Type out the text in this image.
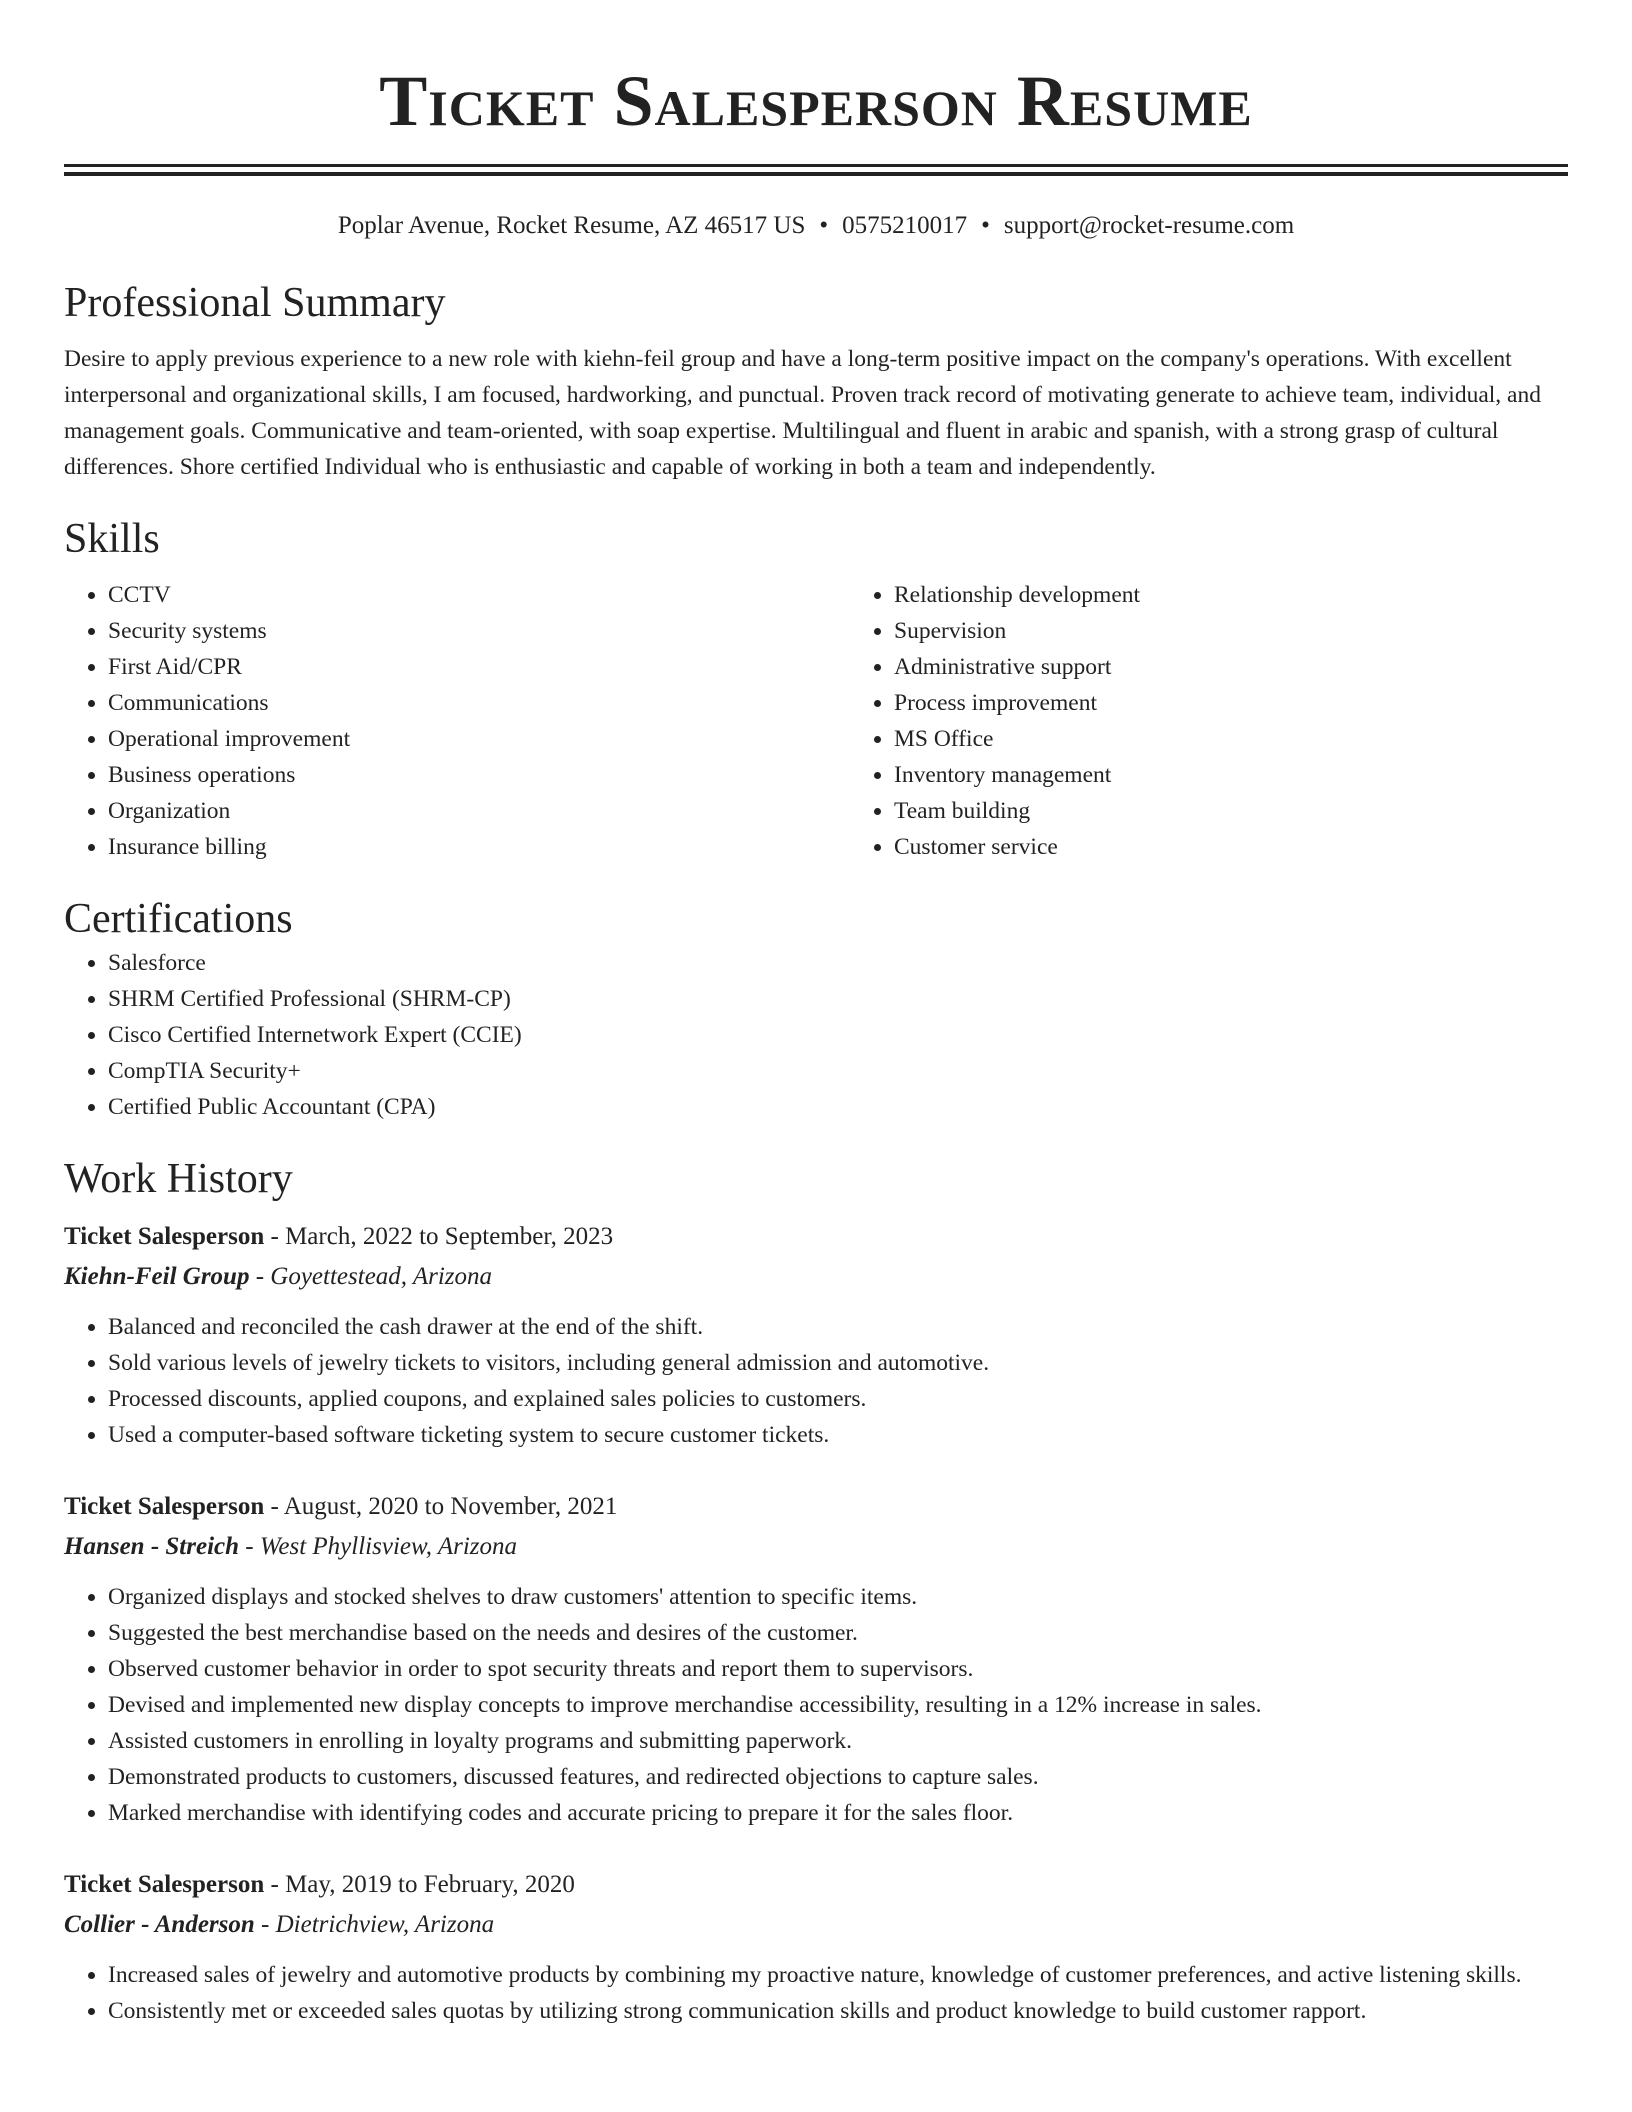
Ticket Salesperson Resume
Poplar Avenue, Rocket Resume, AZ 46517 US • 0575210017 • support@rocket-resume.com
Professional Summary

Desire to apply previous experience to a new role with kiehn-feil group and have a long-term positive impact on the company's operations. With excellent interpersonal and organizational skills, I am focused, hardworking, and punctual. Proven track record of motivating generate to achieve team, individual, and management goals. Communicative and team-oriented, with soap expertise. Multilingual and fluent in arabic and spanish, with a strong grasp of cultural differences. Shore certified Individual who is enthusiastic and capable of working in both a team and independently.

Skills
• CCTV
• Security systems
• First Aid/CPR
• Communications
• Operational improvement
• Business operations
• Organization
• Insurance billing
• Relationship development
• Supervision
• Administrative support
• Process improvement
• MS Office
• Inventory management
• Team building
• Customer service
Certifications
• Salesforce
• SHRM Certified Professional (SHRM-CP)
• Cisco Certified Internetwork Expert (CCIE)
• CompTIA Security+
• Certified Public Accountant (CPA)
Work History
Ticket Salesperson - March, 2022 to September, 2023
Kiehn-Feil Group - Goyettestead, Arizona
• Balanced and reconciled the cash drawer at the end of the shift.
• Sold various levels of jewelry tickets to visitors, including general admission and automotive.
• Processed discounts, applied coupons, and explained sales policies to customers.
• Used a computer-based software ticketing system to secure customer tickets.
Ticket Salesperson - August, 2020 to November, 2021
Hansen - Streich - West Phyllisview, Arizona
• Organized displays and stocked shelves to draw customers' attention to specific items.
• Suggested the best merchandise based on the needs and desires of the customer.
• Observed customer behavior in order to spot security threats and report them to supervisors.
• Devised and implemented new display concepts to improve merchandise accessibility, resulting in a 12% increase in sales.
• Assisted customers in enrolling in loyalty programs and submitting paperwork.
• Demonstrated products to customers, discussed features, and redirected objections to capture sales.
• Marked merchandise with identifying codes and accurate pricing to prepare it for the sales floor.
Ticket Salesperson - May, 2019 to February, 2020
Collier - Anderson - Dietrichview, Arizona
• Increased sales of jewelry and automotive products by combining my proactive nature, knowledge of customer preferences, and active listening skills.
• Consistently met or exceeded sales quotas by utilizing strong communication skills and product knowledge to build customer rapport.
